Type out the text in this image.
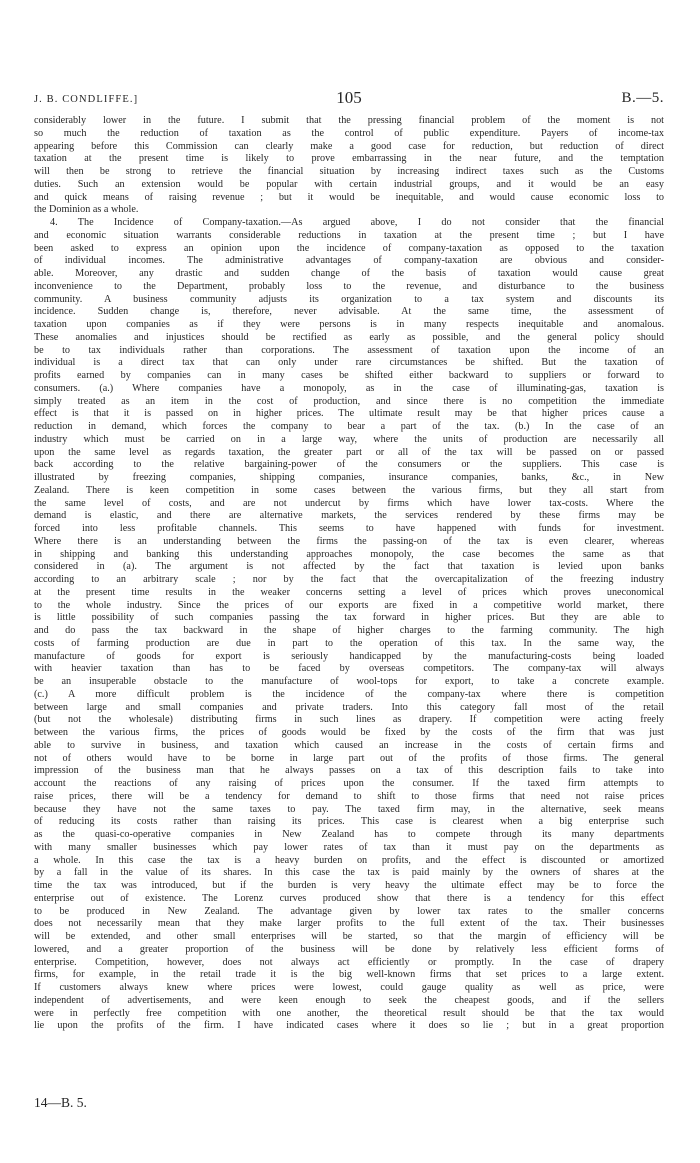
J. B. CONDLIFFE.]	105	B.—5.
considerably lower in the future. I submit that the pressing financial problem of the moment is not
so much the reduction of taxation as the control of public expenditure. Payers of income-tax
appearing before this Commission can clearly make a good case for reduction, but reduction of direct
taxation at the present time is likely to prove embarrassing in the near future, and the temptation
will then be strong to retrieve the financial situation by increasing indirect taxes such as the Customs
duties. Such an extension would be popular with certain industrial groups, and it would be an easy
and quick means of raising revenue ; but it would be inequitable, and would cause economic loss to
the Dominion as a whole.
4. The Incidence of Company-taxation.—As argued above, I do not consider that the financial
and economic situation warrants considerable reductions in taxation at the present time ; but I have
been asked to express an opinion upon the incidence of company-taxation as opposed to the taxation
of individual incomes. The administrative advantages of company-taxation are obvious and consider-
able. Moreover, any drastic and sudden change of the basis of taxation would cause great
inconvenience to the Department, probably loss to the revenue, and disturbance to the business
community. A business community adjusts its organization to a tax system and discounts its
incidence. Sudden change is, therefore, never advisable. At the same time, the assessment of
taxation upon companies as if they were persons is in many respects inequitable and anomalous.
These anomalies and injustices should be rectified as early as possible, and the general policy should
be to tax individuals rather than corporations. The assessment of taxation upon the income of an
individual is a direct tax that can only under rare circumstances be shifted. But the taxation of
profits earned by companies can in many cases be shifted either backward to suppliers or forward to
consumers. (a.) Where companies have a monopoly, as in the case of illuminating-gas, taxation is
simply treated as an item in the cost of production, and since there is no competition the immediate
effect is that it is passed on in higher prices. The ultimate result may be that higher prices cause a
reduction in demand, which forces the company to bear a part of the tax. (b.) In the case of an
industry which must be carried on in a large way, where the units of production are necessarily all
upon the same level as regards taxation, the greater part or all of the tax will be passed on or passed
back according to the relative bargaining-power of the consumers or the suppliers. This case is
illustrated by freezing companies, shipping companies, insurance companies, banks, &c., in New
Zealand. There is keen competition in some cases between the various firms, but they all start from
the same level of costs, and are not undercut by firms which have lower tax-costs. Where the
demand is elastic, and there are alternative markets, the services rendered by these firms may be
forced into less profitable channels. This seems to have happened with funds for investment.
Where there is an understanding between the firms the passing-on of the tax is even clearer, whereas
in shipping and banking this understanding approaches monopoly, the case becomes the same as that
considered in (a). The argument is not affected by the fact that taxation is levied upon banks
according to an arbitrary scale ; nor by the fact that the overcapitalization of the freezing industry
at the present time results in the weaker concerns setting a level of prices which proves uneconomical
to the whole industry. Since the prices of our exports are fixed in a competitive world market, there
is little possibility of such companies passing the tax forward in higher prices. But they are able to
and do pass the tax backward in the shape of higher charges to the farming community. The high
costs of farming production are due in part to the operation of this tax. In the same way, the
manufacture of goods for export is seriously handicapped by the manufacturing-costs being loaded
with heavier taxation than has to be faced by overseas competitors. The company-tax will always
be an insuperable obstacle to the manufacture of wool-tops for export, to take a concrete example.
(c.) A more difficult problem is the incidence of the company-tax where there is competition
between large and small companies and private traders. Into this category fall most of the retail
(but not the wholesale) distributing firms in such lines as drapery. If competition were acting freely
between the various firms, the prices of goods would be fixed by the costs of the firm that was just
able to survive in business, and taxation which caused an increase in the costs of certain firms and
not of others would have to be borne in large part out of the profits of those firms. The general
impression of the business man that he always passes on a tax of this description fails to take into
account the reactions of any raising of prices upon the consumer. If the taxed firm attempts to
raise prices, there will be a tendency for demand to shift to those firms that need not raise prices
because they have not the same taxes to pay. The taxed firm may, in the alternative, seek means
of reducing its costs rather than raising its prices. This case is clearest when a big enterprise such
as the quasi-co-operative companies in New Zealand has to compete through its many departments
with many smaller businesses which pay lower rates of tax than it must pay on the departments as
a whole. In this case the tax is a heavy burden on profits, and the effect is discounted or amortized
by a fall in the value of its shares. In this case the tax is paid mainly by the owners of shares at the
time the tax was introduced, but if the burden is very heavy the ultimate effect may be to force the
enterprise out of existence. The Lorenz curves produced show that there is a tendency for this effect
to be produced in New Zealand. The advantage given by lower tax rates to the smaller concerns
does not necessarily mean that they make larger profits to the full extent of the tax. Their businesses
will be extended, and other small enterprises will be started, so that the margin of efficiency will be
lowered, and a greater proportion of the business will be done by relatively less efficient forms of
enterprise. Competition, however, does not always act efficiently or promptly. In the case of drapery
firms, for example, in the retail trade it is the big well-known firms that set prices to a large extent.
If customers always knew where prices were lowest, could gauge quality as well as price, were
independent of advertisements, and were keen enough to seek the cheapest goods, and if the sellers
were in perfectly free competition with one another, the theoretical result should be that the tax would
lie upon the profits of the firm. I have indicated cases where it does so lie ; but in a great proportion
14—B. 5.
